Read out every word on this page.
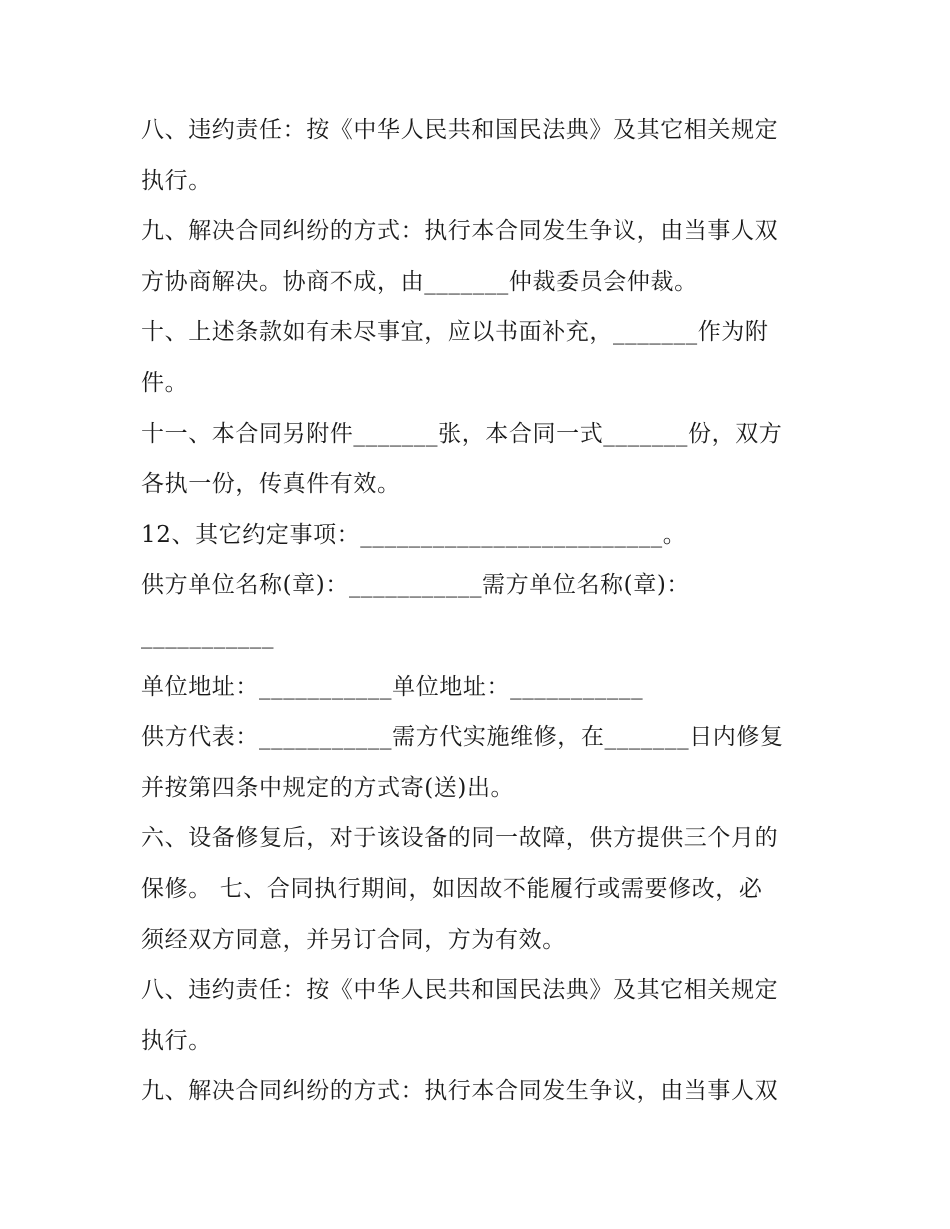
八、违约责任：按《中华人民共和国民法典》及其它相关规定
执行。
九、解决合同纠纷的方式：执行本合同发生争议，由当事人双
方协商解决。协商不成，由_______仲裁委员会仲裁。
十、上述条款如有未尽事宜，应以书面补充，_______作为附
件。
十一、本合同另附件_______张，本合同一式_______份，双方
各执一份，传真件有效。
12、其它约定事项：_________________________。
供方单位名称(章)：___________需方单位名称(章)：
___________
单位地址：___________单位地址：___________
供方代表：___________需方代实施维修，在_______日内修复
并按第四条中规定的方式寄(送)出。
六、设备修复后，对于该设备的同一故障，供方提供三个月的
保修。 七、合同执行期间，如因故不能履行或需要修改，必
须经双方同意，并另订合同，方为有效。
八、违约责任：按《中华人民共和国民法典》及其它相关规定
执行。
九、解决合同纠纷的方式：执行本合同发生争议，由当事人双
